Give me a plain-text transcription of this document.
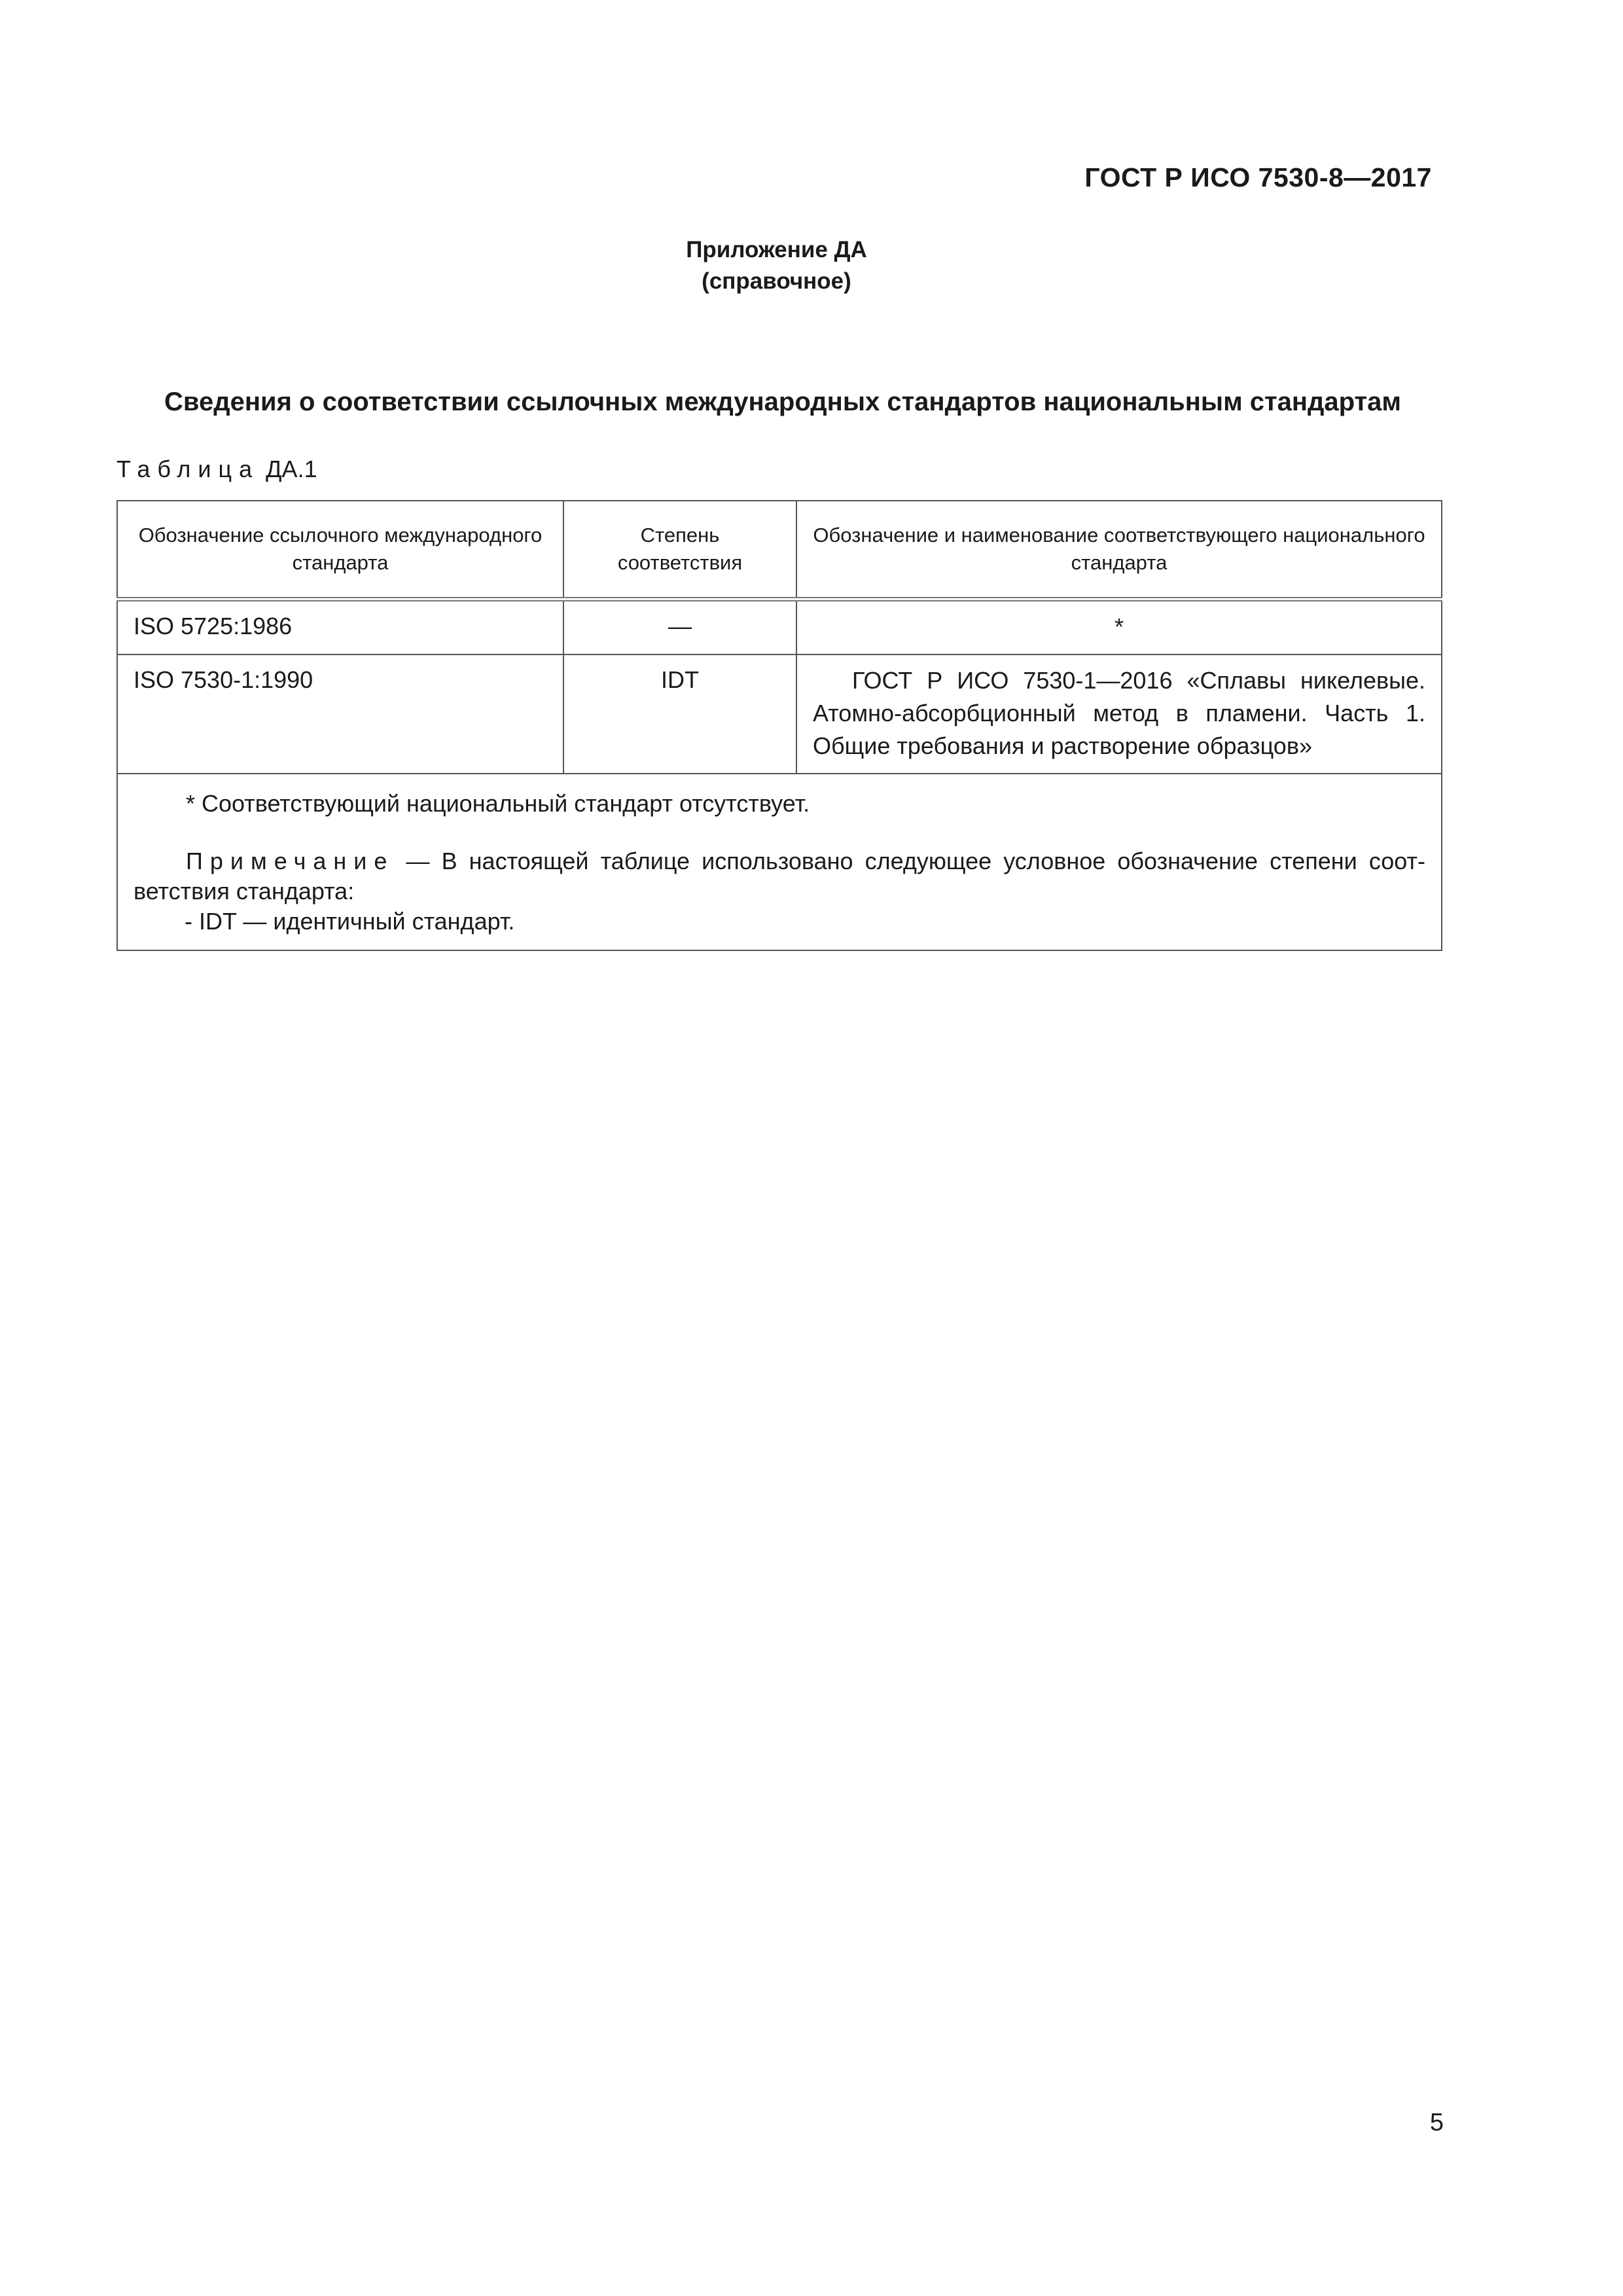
ГОСТ Р ИСО 7530-8—2017
Приложение ДА
(справочное)
Сведения о соответствии ссылочных международных стандартов национальным стандартам
Таблица ДА.1
Обозначение ссылочного международного стандарта	Степень соответствия	Обозначение и наименование соответствующего национального стандарта
ISO 5725:1986	—	*
ISO 7530-1:1990	IDT	ГОСТ Р ИСО 7530-1—2016 «Сплавы никелевые. Атомно-абсорбционный метод в пламени. Часть 1. Общие требования и растворение образцов»

* Соответствующий национальный стандарт отсутствует.

Примечание — В настоящей таблице использовано следующее условное обозначение степени соответствия стандарта:

- IDT — идентичный стандарт.		

5
